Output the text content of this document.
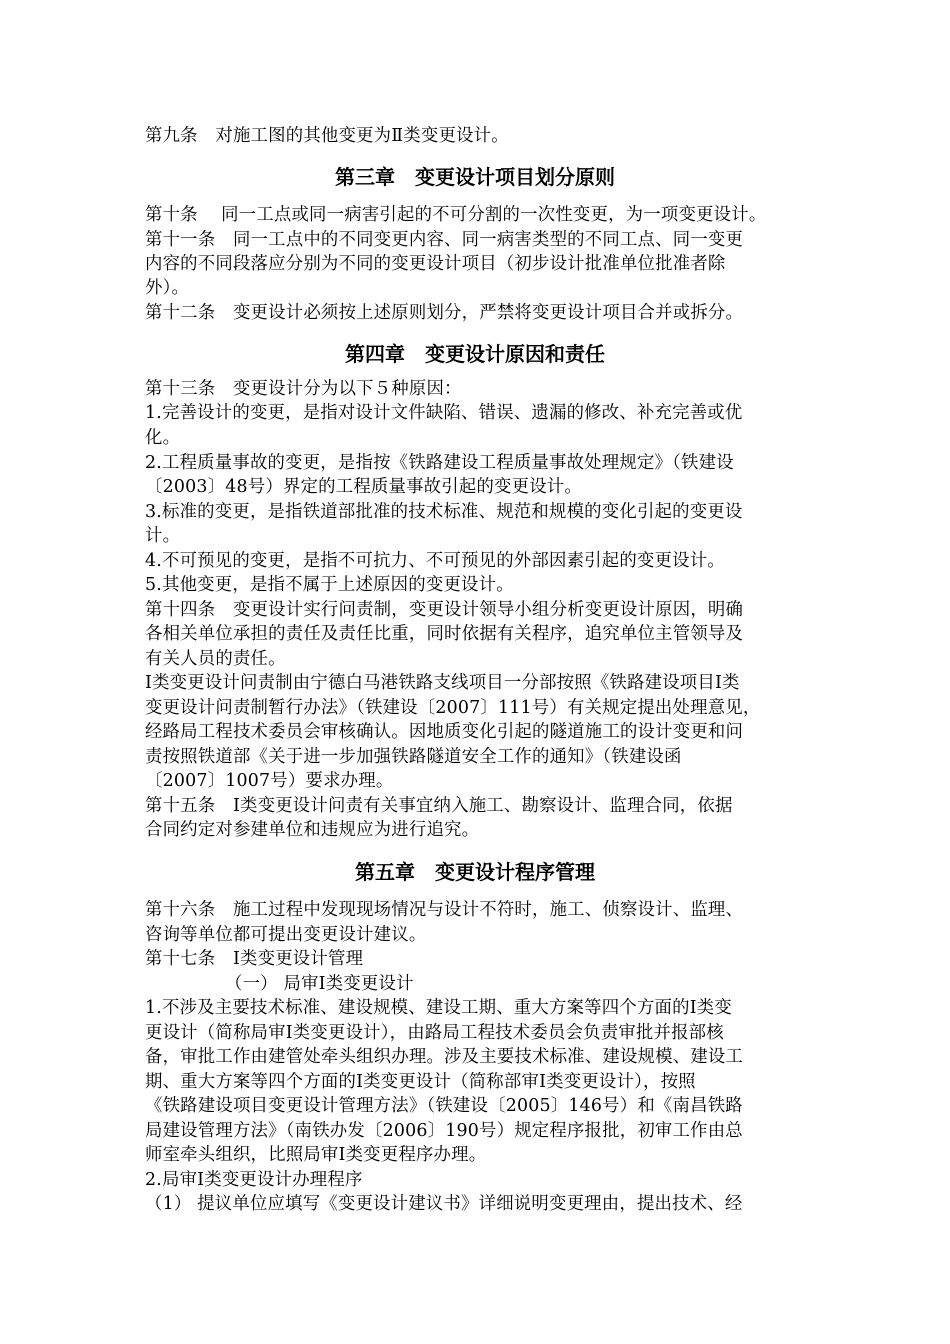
第九条　对施工图的其他变更为Ⅱ类变更设计。
第三章　变更设计项目划分原则
第十条　 同一工点或同一病害引起的不可分割的一次性变更，为一项变更设计。
第十一条　同一工点中的不同变更内容、同一病害类型的不同工点、同一变更
内容的不同段落应分别为不同的变更设计项目（初步设计批准单位批准者除
外）。
第十二条　变更设计必须按上述原则划分，严禁将变更设计项目合并或拆分。
第四章　变更设计原因和责任
第十三条　变更设计分为以下５种原因：
1.完善设计的变更，是指对设计文件缺陷、错误、遗漏的修改、补充完善或优
化。
2.工程质量事故的变更，是指按《铁路建设工程质量事故处理规定》（铁建设
〔2003〕48号）界定的工程质量事故引起的变更设计。
3.标准的变更，是指铁道部批准的技术标准、规范和规模的变化引起的变更设
计。
4.不可预见的变更，是指不可抗力、不可预见的外部因素引起的变更设计。
5.其他变更，是指不属于上述原因的变更设计。
第十四条　变更设计实行问责制，变更设计领导小组分析变更设计原因，明确
各相关单位承担的责任及责任比重，同时依据有关程序，追究单位主管领导及
有关人员的责任。
Ⅰ类变更设计问责制由宁德白马港铁路支线项目一分部按照《铁路建设项目Ⅰ类
变更设计问责制暂行办法》（铁建设〔2007〕111号）有关规定提出处理意见，
经路局工程技术委员会审核确认。因地质变化引起的隧道施工的设计变更和问
责按照铁道部《关于进一步加强铁路隧道安全工作的通知》（铁建设函
〔2007〕1007号）要求办理。
第十五条　Ⅰ类变更设计问责有关事宜纳入施工、勘察设计、监理合同，依据
合同约定对参建单位和违规应为进行追究。
第五章　变更设计程序管理
第十六条　施工过程中发现现场情况与设计不符时，施工、侦察设计、监理、
咨询等单位都可提出变更设计建议。
第十七条　Ⅰ类变更设计管理
（一） 局审Ⅰ类变更设计
1.不涉及主要技术标准、建设规模、建设工期、重大方案等四个方面的Ⅰ类变
更设计（简称局审Ⅰ类变更设计），由路局工程技术委员会负责审批并报部核
备，审批工作由建管处牵头组织办理。涉及主要技术标准、建设规模、建设工
期、重大方案等四个方面的Ⅰ类变更设计（简称部审Ⅰ类变更设计），按照
《铁路建设项目变更设计管理方法》（铁建设〔2005〕146号）和《南昌铁路
局建设管理方法》（南铁办发〔2006〕190号）规定程序报批，初审工作由总
师室牵头组织，比照局审Ⅰ类变更程序办理。
2.局审Ⅰ类变更设计办理程序
（1） 提议单位应填写《变更设计建议书》详细说明变更理由，提出技术、经
